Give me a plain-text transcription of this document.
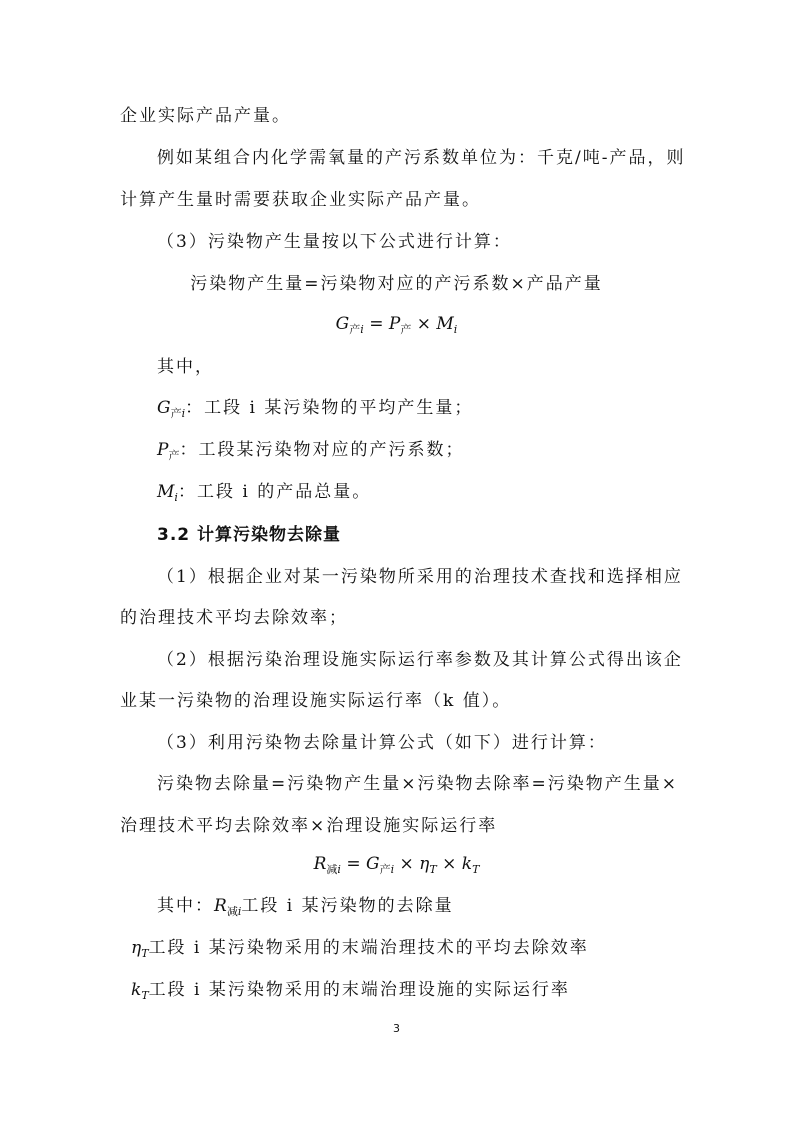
企业实际产品产量。
例如某组合内化学需氧量的产污系数单位为：千克/吨-产品，则
计算产生量时需要获取企业实际产品产量。
（3）污染物产生量按以下公式进行计算：
污染物产生量=污染物对应的产污系数×产品产量
$G_{产i} = P_产 \times M_i$
其中，
$G_{产i}$：工段 i 某污染物的平均产生量；
$P_产$：工段某污染物对应的产污系数；
$M_i$：工段 i 的产品总量。
3.2 计算污染物去除量
（1）根据企业对某一污染物所采用的治理技术查找和选择相应
的治理技术平均去除效率；
（2）根据污染治理设施实际运行率参数及其计算公式得出该企
业某一污染物的治理设施实际运行率（k 值）。
（3）利用污染物去除量计算公式（如下）进行计算：
污染物去除量=污染物产生量×污染物去除率=污染物产生量×
治理技术平均去除效率×治理设施实际运行率
$R_{减i} = G_{产i} \times \eta_T \times k_T$
其中：$R_{减i}$工段 i 某污染物的去除量
$\eta_T$工段 i 某污染物采用的末端治理技术的平均去除效率
$k_T$工段 i 某污染物采用的末端治理设施的实际运行率
3
